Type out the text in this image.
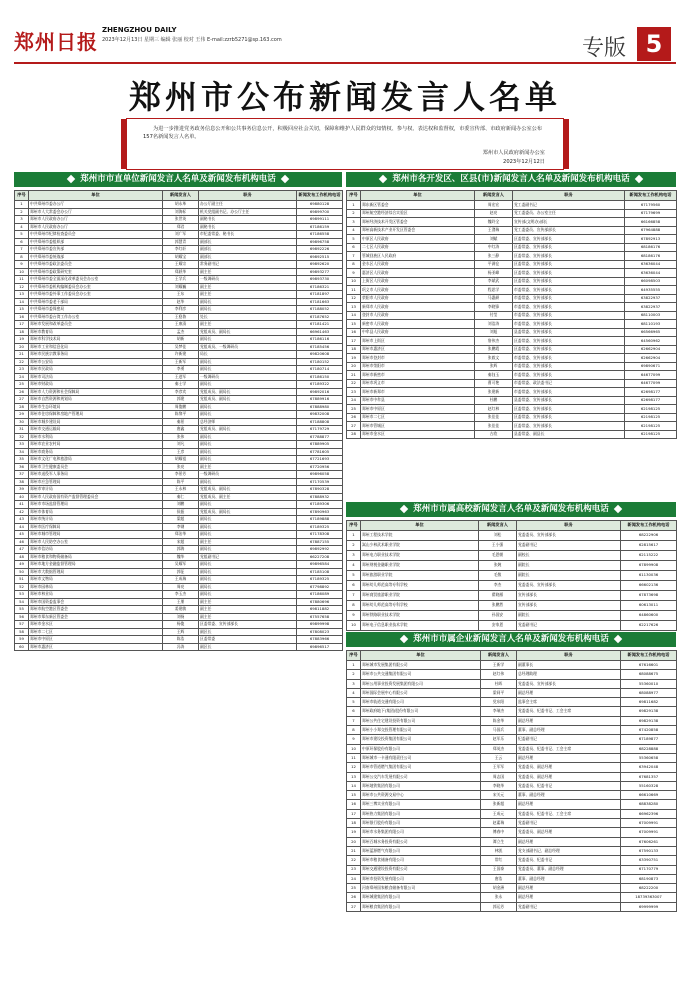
郑州日报 ZHENGZHOU DAILY
2023年12月13日 星期三 编辑 张丽 校对 王伟 E-mail:zzrb5271@sp.163.com	专版 5
郑州市公布新闻发言人名单
为进一步推进党务政务信息公开和公共事务信息公开，积极回应社会关切，保障和维护人民群众的知情权、参与权、表达权和监督权，市委宣传部、市政府新闻办公室公布157名新闻发言人名单。
郑州市人民政府新闻办公室
2023年12月12日
郑州市市直单位新闻发言人名单及新闻发布机构电话
序号	单位	新闻发言人	职务	新闻发布工作机构电话
1	中共郑州市委办公厅	胡永革	办公厅副主任	69880128
2	郑州市人大常委会办公厅	刘海标	机关党组副书记、办公厅主任	69899700
3	郑州市人民政府办公厅	张世英	副秘书长	69899111
4	郑州市人民政府办公厅	郑君	副秘书长	67186159
5	中共郑州市纪律检查委员会	刘广军	市纪委常委、秘书长	67186558
6	中共郑州市委组织部	郭慧青	副部长	69896758
7	中共郑州市委宣传部	李红轩	副部长	69892226
8	中共郑州市委统战部	胡耀宝	副部长	69892515
9	中共郑州市委政法委员会	王耀宗	常务副书记	69892620
10	中共郑州市委政策研究室	郑跃华	副主任	69893277
11	中共郑州市委全面深化改革委员会办公室	王学兵	一级调研员	69893730
12	中共郑州市委机构编制委员会办公室	刘耀巍	副主任	67186321
13	中共郑州市委外事工作委员会办公室	王东	副主任	67181897
14	中共郑州市委老干部局	赵华	副局长	67181663
15	中共郑州市委保密局	李利彦	副局长	67188052
16	中共郑州市委台湾工作办公室	王稳鲁	处长	67187652
17	郑州市发展和改革委员会	王康清	副主任	67181421
18	郑州市教育局	孟杰	党组成员、副局长	66961463
19	郑州市科学技术局	胡新	副局长	67186116
20	郑州市工业和信息化局	吴梦佳	党组成员、一级调研员	67185456
21	郑州市民族宗教事务局	许新建	局长	69820608
22	郑州市公安局	王新军	副局长	67180152
23	郑州市民政局	李勇	副局长	67180714
24	郑州市司法局	王进军	一级调研员	67186150
25	郑州市财政局	秦士学	副局长	67189322
26	郑州市人力资源和社会保障局	李彦宾	党组成员、副局长	69892016
27	郑州市自然资源和规划局	郭建	党组成员、副局长	67889916
28	郑州市生态环境局	周俊鹏	副局长	67888980
29	郑州市住房保障和房地产管理局	陈黎平	副局长	69832008
30	郑州市城乡建设局	秦景	总经济师	67188808
31	郑州市交通运输局	唐鑫	党组成员、副局长	67179729
32	郑州市水利局	张伟	副局长	67788877
33	郑州市农业农村局	刘凡	副局长	67889905
34	郑州市商务局	王彦	副局长	67781605
35	郑州市文化广电和旅游局	胡耀祖	副局长	67721693
36	郑州市卫生健康委员会	张亮	副主任	67720956
37	郑州市退役军人事务局	李景芳	一级调研员	69896058
38	郑州市应急管理局	陈平	副局长	67170539
39	郑州市审计局	王永林	党组成员、副局长	67890328
40	郑州市人民政府国有资产监督管理委员会	秦仁	党组成员、副主任	67888932
41	郑州市市场监督管理局	刘鹏	副局长	67189306
42	郑州市体育局	侯振	党组成员、副局长	67890963
43	郑州市统计局	梁超	副局长	67189888
44	郑州市医疗保障局	李钢	副局长	67189325
45	郑州市城市管理局	郑治华	副局长	67178308
46	郑州市人民防空办公室	宋超	副主任	67887155
47	郑州市信访局	郭海	副局长	69892992
48	郑州市粮食和物资储备局	魏华	党组副书记	66227208
49	郑州市地方金融监督管理局	吴耀军	副局长	69896584
50	郑州市大数据管理局	郭征	副局长	67185108
51	郑州市文物局	王成瑞	副局长	67189325
52	郑州市园林局	周亮	副局长	67798892
53	郑州市林业局	李玉杰	副局长	67186089
54	郑州市国资委监事会	王朋	副主任	67880696
55	郑州市航空港区管委会	姜建敏	副主任	69811882
56	郑州市郑东新区管委会	刘扬	副主任	67557658
57	郑州市金水区	杨俊	区委常委、宣传部部长	69899998
58	郑州市二七区	王辉	副区长	67808023
59	郑州市中原区	陈浩	区委常委	67883966
60	郑州市惠济区	冯涛	副区长	69896517
郑州市各开发区、区县(市)新闻发言人名单及新闻发布机构电话
序号	单位	新闻发言人	职务	新闻发布工作机构电话
1	郑东新区管委会	周宏宏	党工委副书记	67179560
2	郑州航空港经济综合实验区	赵亮	党工委委员、办公室主任	67179699
3	郑州经济技术开发区管委会	魏玲全	宣传部(文明办)部长	66166858
4	郑州高新技术产业开发区管委会	王澄瑞	党工委委员、宣传部部长	67964888
5	中原区人民政府	刘赋	区委常委、宣传部部长	67892913
6	二七区人民政府	中红涛	区委常委、宣传部部长	68186176
7	管城回族区人民政府	张三静	区委常委、宣传部部长	68186176
8	金水区人民政府	平满仓	区委常委、宣传部部长	63636044
9	惠济区人民政府	杨亚峰	区委常委、宣传部部长	63636044
10	上街区人民政府	李斌武	区委常委、宣传部部长	66098503
11	巩义市人民政府	程思学	市委常委、宣传部部长	64935555
12	荥阳市人民政府	马惠颜	市委常委、宣传部部长	63822937
13	新郑市人民政府	李晓锋	市委常委、宣传部部长	63822937
14	登封市人民政府	付莹	市委常委、宣传部部长	68110003
15	新密市人民政府	刘浩涛	市委常委、宣传部部长	68110193
16	中牟县人民政府	刘旭	县委常委、宣传部部长	66566965
17	郑州市上街区	詹伟杰	区委常委、宣传部部长	64560962
18	郑州市惠济区	张鹏霞	区委常委、宣传部部长	62662904
19	郑州市登封市	张毅文	市委常委、宣传部部长	62662904
20	郑州市荥阳市	张辉	市委常委、宣传部部长	69890671
21	郑州市新密市	秦钰玉	市委常委、宣传部部长	64677099
22	郑州市巩义市	曹可艳	市委常委、政法委书记	64677099
23	郑州市新郑市	张建新	市委常委、宣传部部长	62698177
24	郑州市中牟县	杜鹏	县委常委、宣传部部长	62698177
25	郑州市中原区	赵红林	区委常委、宣传部部长	62198125
26	郑州市二七区	张佳佳	区委常委、宣传部部长	62198125
27	郑州市管城区	张佳佳	区委常委、宣传部部长	62198125
28	郑州市金水区	古欣	县委常委、副县长	62198125
郑州市市属高校新闻发言人名单及新闻发布机构电话
序号	单位	新闻发言人	职务	新闻发布工作机构电话
1	郑州工程技术学院	刘松	党委委员、宣传部部长	68222906
2	嵩山少林武术职业学院	王小强	党委副书记	62815617
3	郑州电力职业技术学院	毛恩朝	副校长	62115222
4	郑州财税金融职业学院	张婉	副院长	67899908
5	郑州旅游职业学院	毛敬	副院长	61130036
6	郑州幼儿师范高等专科学校	李杰	党委委员、宣传部部长	66602136
7	郑州商贸旅游职业学院	翟晓雁	宣传部部长	67873698
8	郑州幼儿师范高等专科学校	张鹏然	宣传部部长	60613011
9	郑州铁路职业技术学院	孙国安	副院长	64860600
10	郑州电子信息职业技术学院	安家恩	党委副书记	62217626
郑州市市属企业新闻发言人名单及新闻发布机构电话
序号	单位	新闻发言人	职务	新闻发布工作机构电话
1	郑州城市发展集团有限公司	王新学	副董事长	67616601
2	郑州市公共交通集团有限公司	赵红伟	总经理助理	68088675
3	郑州公用事业投资发展集团有限公司	杜晖	党委委员、宣传部部长	55360010
4	郑州国际会展中心有限公司	梁同平	副总经理	68088977
5	郑州市轨道交通有限公司	党东阳	监事会主席	69811682
6	郑州政府地下(集团)股份有限公司	李瑞杰	党委委员、纪委书记、工会主席	69829138
7	郑州公共住宅建设投资有限公司	陈金华	副总经理	69829138
8	郑州小小郑交投管理有限公司	马国兵	董事、副总经理	67420858
9	郑州市建设投资集团有限公司	赵军乐	纪委副书记	67189877
10	中原环保股份有限公司	郑英杰	党委委员、纪委书记、工会主席	68228888
11	郑州城市一卡通有限责任公司	王云	副总经理	55360658
12	郑州市管道燃气集团有限公司	王军军	党委委员、副总经理	63942048
13	郑州公交汽车发展有限公司	周志国	党委委员、副总经理	67681357
14	郑州地铁集团有限公司	李晓华	党委委员、纪委书记	55160328
15	郑州市公共资源交易中心	宋关元	董事、副总经理	66610669
16	郑州三博实业有限公司	张新超	副总经理	68838280
17	郑州热力集团有限公司	王成元	党委委员、纪委书记、工会主席	66962396
18	郑州银行股份有限公司	赵素瑞	党委副书记	67009991
19	郑州市水务集团有限公司	傅春中	党委委员、副总经理	67009991
20	郑州百城水务投资有限公司	谭立生	副总经理	67606261
21	郑州蓝源燃气有限公司	林凯	党支部副书记、副总经理	67590133
22	郑州市粮食储备有限公司	常红	党委委员、纪委书记	63390751
23	郑州交通建设投资有限公司	王国泰	党委委员、董事、副总经理	67170779
24	郑州市投资发展有限公司	唐浩	董事、副总经理	68190873
25	河南郑州国家粮食储备有限公司	胡金洲	副总经理	68222200
26	郑州城建集团有限公司	张永	副总经理	18739363007
27	郑州粮食集团有限公司	郭运芳	党委副书记	69999999
